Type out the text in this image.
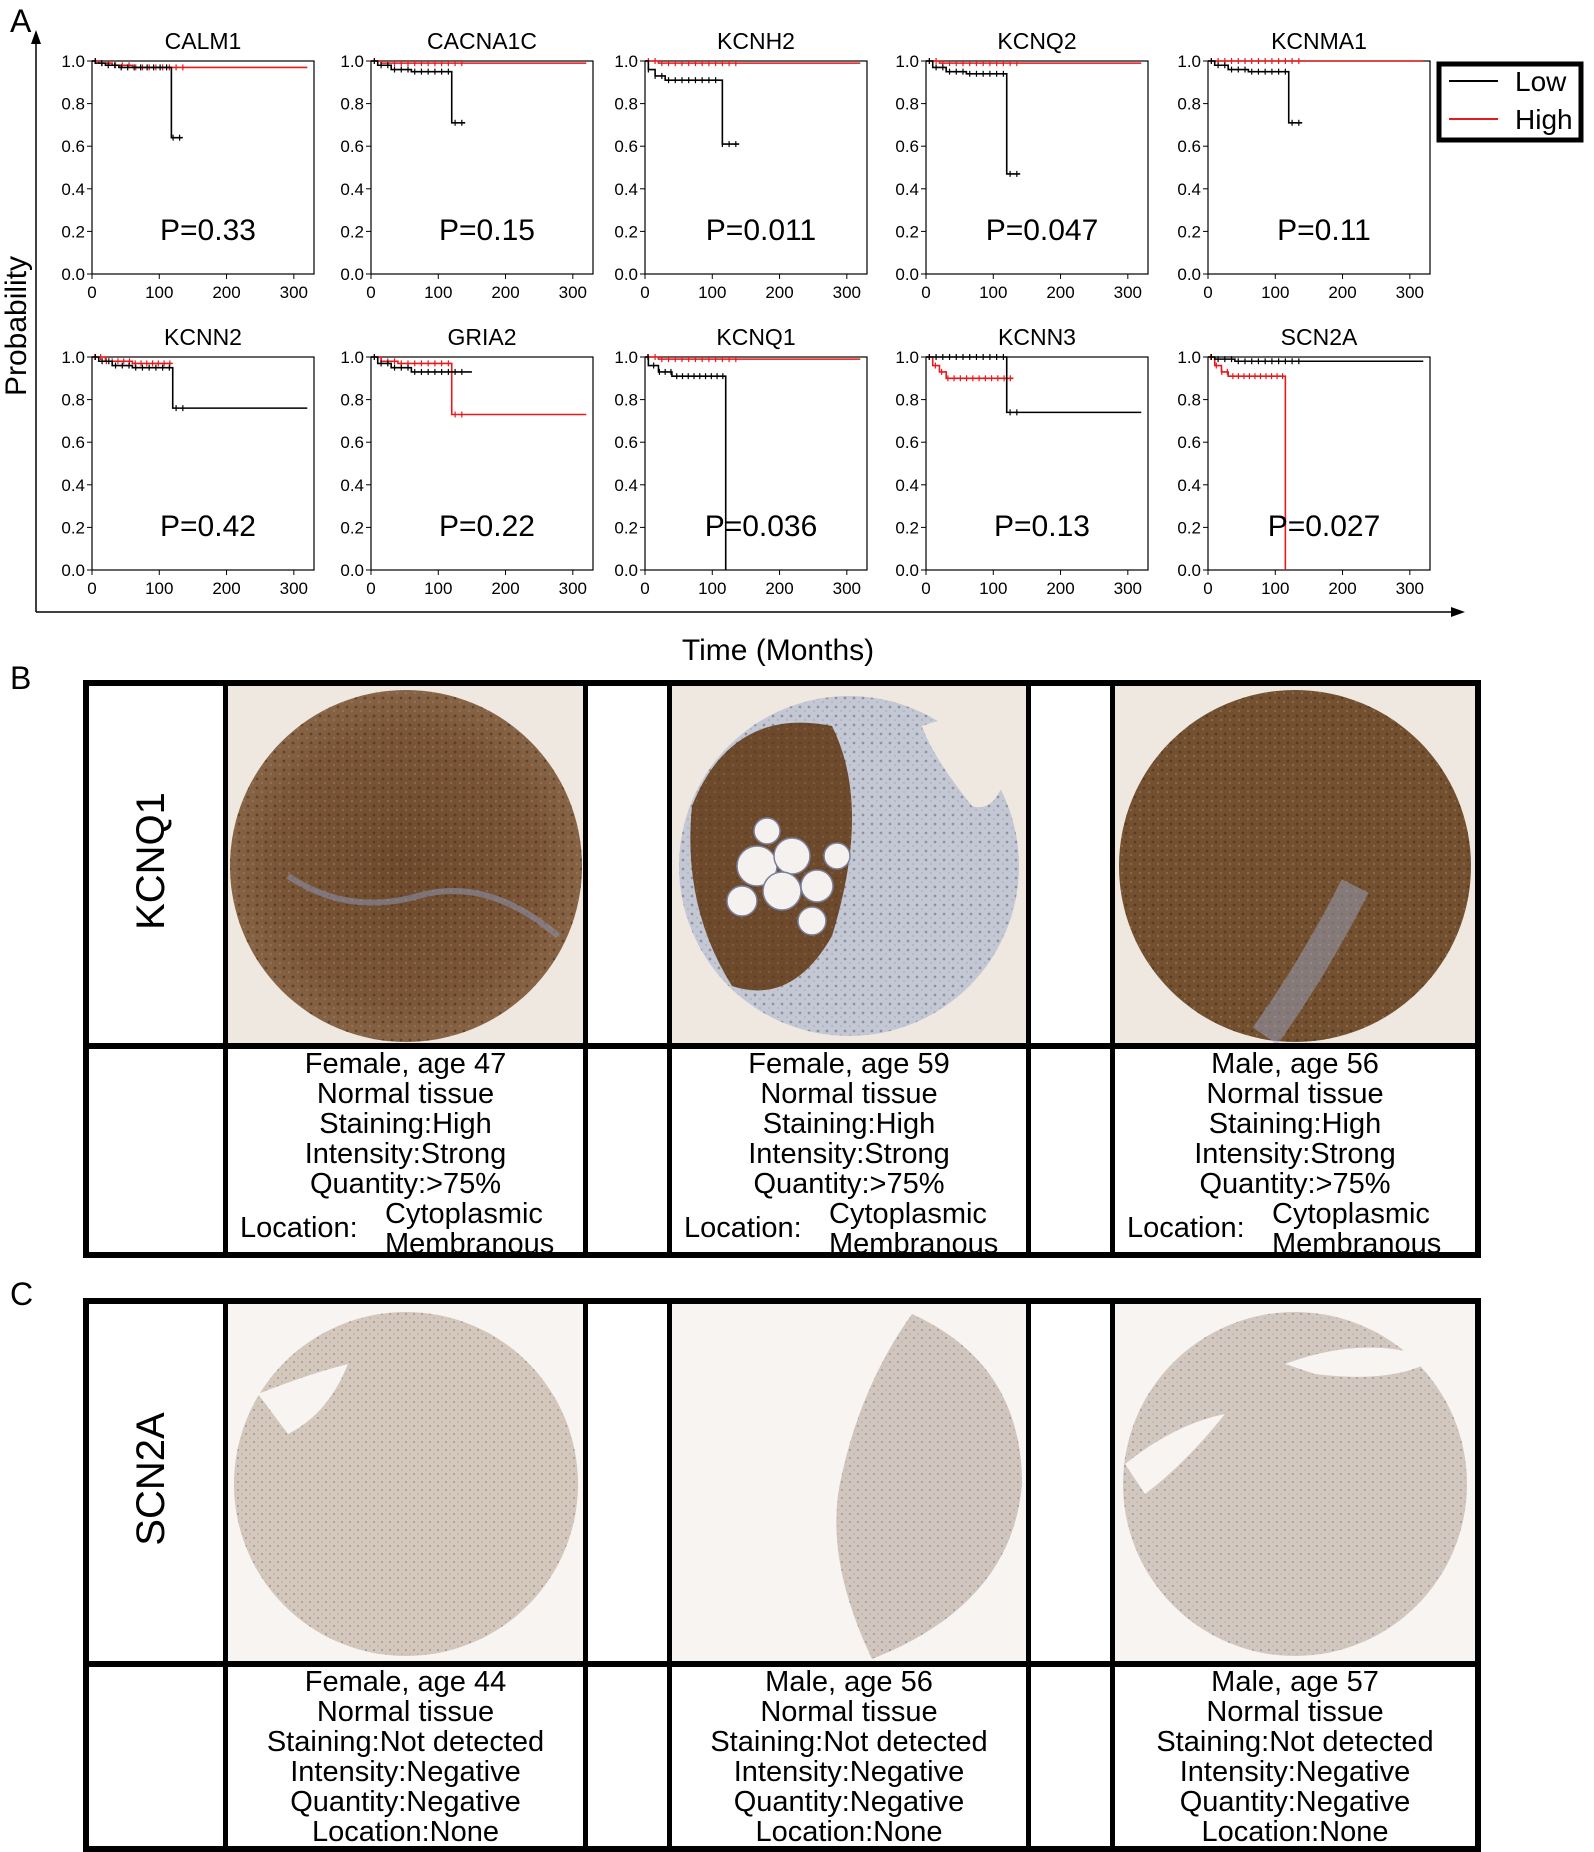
A
Probability
Time (Months)
CALM1
0.0
0.2
0.4
0.6
0.8
1.0
0	100 200 300
P=0.33
CACNA1C
0.0
0.2
0.4
0.6
0.8
1.0
0	100 200 300
P=0.15
KCNH2
0.0
0.2
0.4
0.6
0.8
1.0
0	100 200 300
P=0.011
KCNQ2
0.0
0.2
0.4
0.6
0.8
1.0
0	100 200 300
P=0.047
KCNMA1
0.0
0.2
0.4
0.6
0.8
1.0
0	100 200 300
P=0.11
KCNN2
0.0
0.2
0.4
0.6
0.8
1.0
0	100 200 300
P=0.42
GRIA2
0.0
0.2
0.4
0.6
0.8
1.0
0	100 200 300
P=0.22
KCNQ1
0.0
0.2
0.4
0.6
0.8
1.0
0	100 200 300
P=0.036
KCNN3
0.0
0.2
0.4
0.6
0.8
1.0
0	100 200 300
P=0.13
SCN2A
0.0
0.2
0.4
0.6
0.8
1.0
0	100 200 300
P=0.027
Low
High
B
KCNQ1
Female, age 47
Normal tissue
Staining:High
Intensity:Strong
Quantity:>75%
Location: Cytoplasmic
Membranous
Female, age 59
Normal tissue
Staining:High
Intensity:Strong
Quantity:>75%
Location: Cytoplasmic
Membranous
Male, age 56
Normal tissue
Staining:High
Intensity:Strong
Quantity:>75%
Location: Cytoplasmic
Membranous
C
SCN2A
Female, age 44
Normal tissue
Staining:Not detected
Intensity:Negative
Quantity:Negative
Location:None
Male, age 56
Normal tissue
Staining:Not detected
Intensity:Negative
Quantity:Negative
Location:None
Male, age 57
Normal tissue
Staining:Not detected
Intensity:Negative
Quantity:Negative
Location:None
